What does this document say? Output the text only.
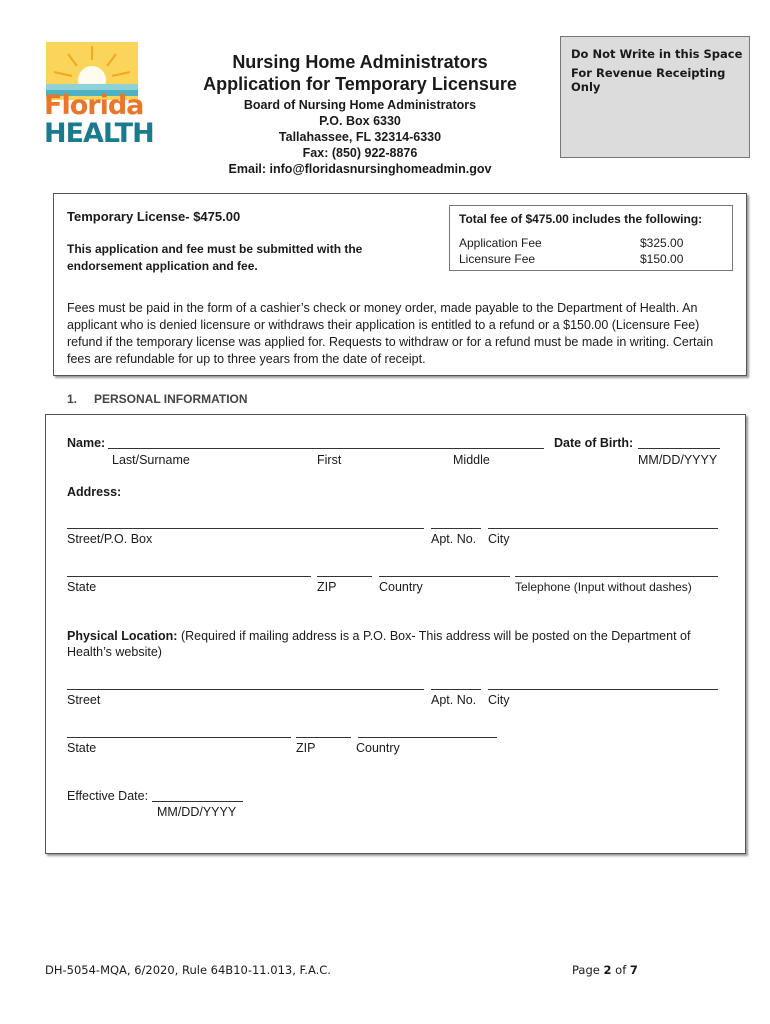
Florida
HEALTH
Nursing Home Administrators
Application for Temporary Licensure
Board of Nursing Home Administrators
P.O. Box 6330
Tallahassee, FL 32314-6330
Fax: (850) 922-8876
Email: info@floridasnursinghomeadmin.gov
Do Not Write in this Space
For Revenue Receipting Only
Temporary License- $475.00
This application and fee must be submitted with the
endorsement application and fee.
Total fee of $475.00 includes the following:
Application Fee	$325.00
Licensure Fee	$150.00
Fees must be paid in the form of a cashier’s check or money order, made payable to the Department of Health. An applicant who is denied licensure or withdraws their application is entitled to a refund or a $150.00 (Licensure Fee) refund if the temporary license was applied for. Requests to withdraw or for a refund must be made in writing. Certain fees are refundable for up to three years from the date of receipt.
1. PERSONAL INFORMATION
Name:	Date of Birth:
Last/Surname	First	Middle	MM/DD/YYYY
Address:
Street/P.O. Box	Apt. No. City
State	ZIP	Country	Telephone (Input without dashes)
Physical Location: (Required if mailing address is a P.O. Box- This address will be posted on the Department of Health’s website)
Street	Apt. No. City
State	ZIP	Country
Effective Date:
MM/DD/YYYY
DH-5054-MQA, 6/2020, Rule 64B10-11.013, F.A.C.	Page 2 of 7
